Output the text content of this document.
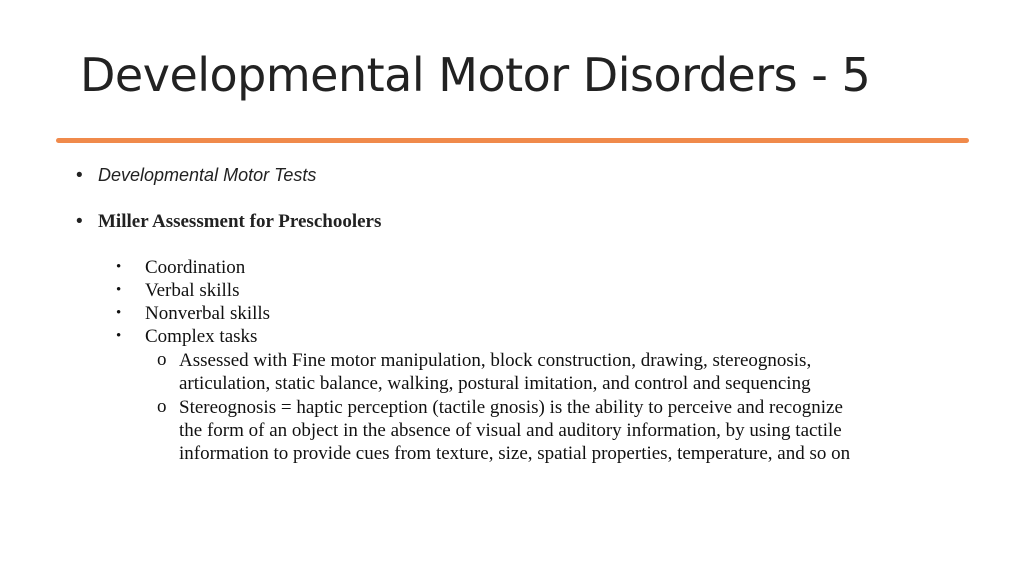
Developmental Motor Disorders - 5
• Developmental Motor Tests
• Miller Assessment for Preschoolers
• Coordination
• Verbal skills
• Nonverbal skills
• Complex tasks
o Assessed with Fine motor manipulation, block construction, drawing, stereognosis,
articulation, static balance, walking, postural imitation, and control and sequencing
o Stereognosis = haptic perception (tactile gnosis) is the ability to perceive and recognize
the form of an object in the absence of visual and auditory information, by using tactile
information to provide cues from texture, size, spatial properties, temperature, and so on
